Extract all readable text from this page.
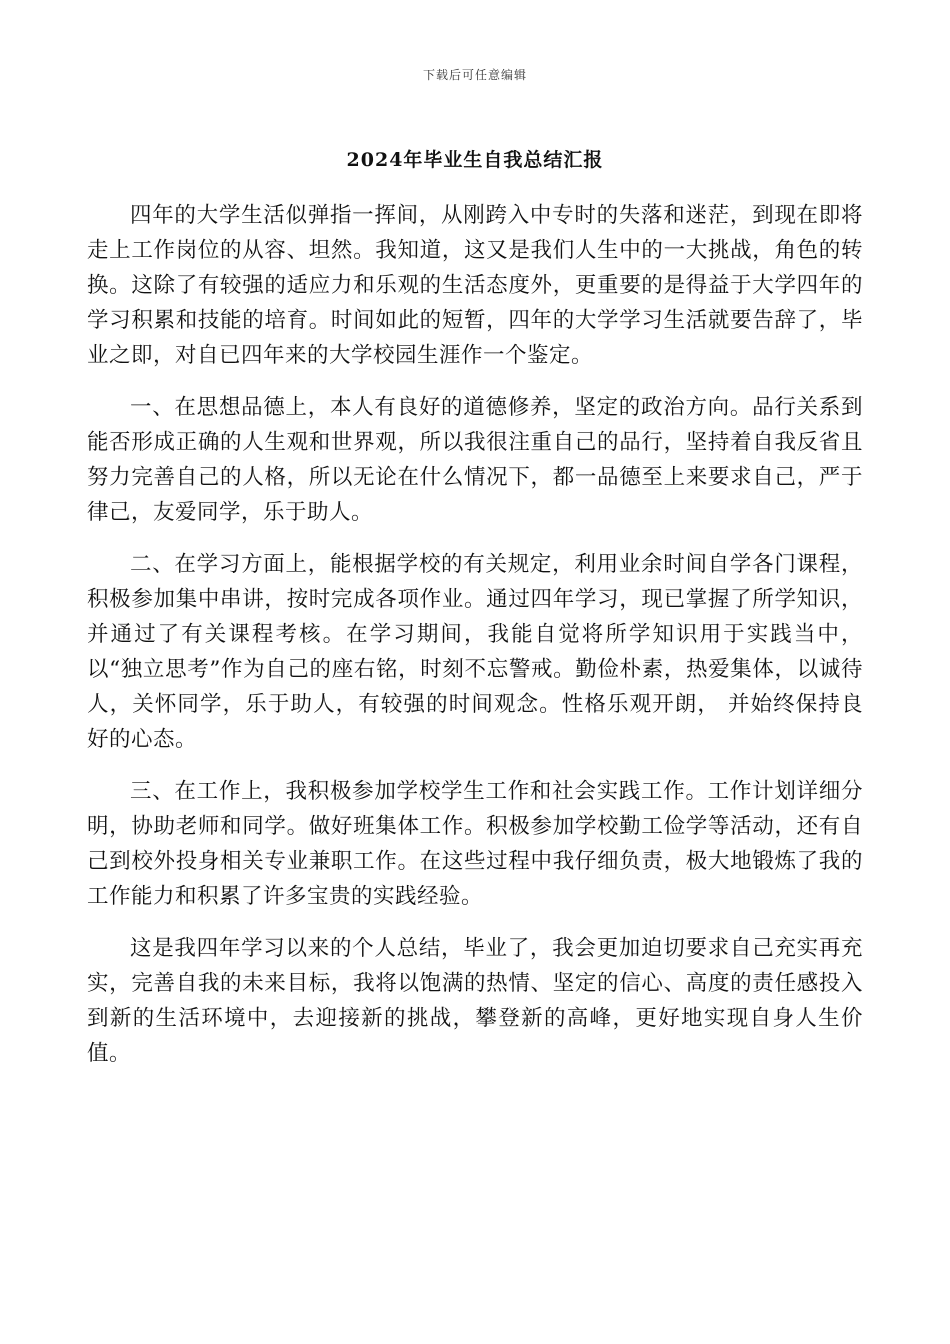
下载后可任意编辑
2024年毕业生自我总结汇报

四年的大学生活似弹指一挥间，从刚跨入中专时的失落和迷茫，到现在即将走上工作岗位的从容、坦然。我知道，这又是我们人生中的一大挑战，角色的转换。这除了有较强的适应力和乐观的生活态度外，更重要的是得益于大学四年的学习积累和技能的培育。时间如此的短暂，四年的大学学习生活就要告辞了，毕业之即，对自已四年来的大学校园生涯作一个鉴定。

一、在思想品德上，本人有良好的道德修养，坚定的政治方向。品行关系到能否形成正确的人生观和世界观，所以我很注重自己的品行，坚持着自我反省且努力完善自己的人格，所以无论在什么情况下，都一品德至上来要求自己，严于律己，友爱同学，乐于助人。

二、在学习方面上，能根据学校的有关规定，利用业余时间自学各门课程，积极参加集中串讲，按时完成各项作业。通过四年学习，现已掌握了所学知识，并通过了有关课程考核。在学习期间，我能自觉将所学知识用于实践当中，以“独立思考”作为自己的座右铭，时刻不忘警戒。勤俭朴素，热爱集体，以诚待人，关怀同学，乐于助人，有较强的时间观念。性格乐观开朗， 并始终保持良好的心态。

三、在工作上，我积极参加学校学生工作和社会实践工作。工作计划详细分明，协助老师和同学。做好班集体工作。积极参加学校勤工俭学等活动，还有自己到校外投身相关专业兼职工作。在这些过程中我仔细负责，极大地锻炼了我的工作能力和积累了许多宝贵的实践经验。

这是我四年学习以来的个人总结，毕业了，我会更加迫切要求自己充实再充实，完善自我的未来目标，我将以饱满的热情、坚定的信心、高度的责任感投入到新的生活环境中，去迎接新的挑战，攀登新的高峰，更好地实现自身人生价值。
